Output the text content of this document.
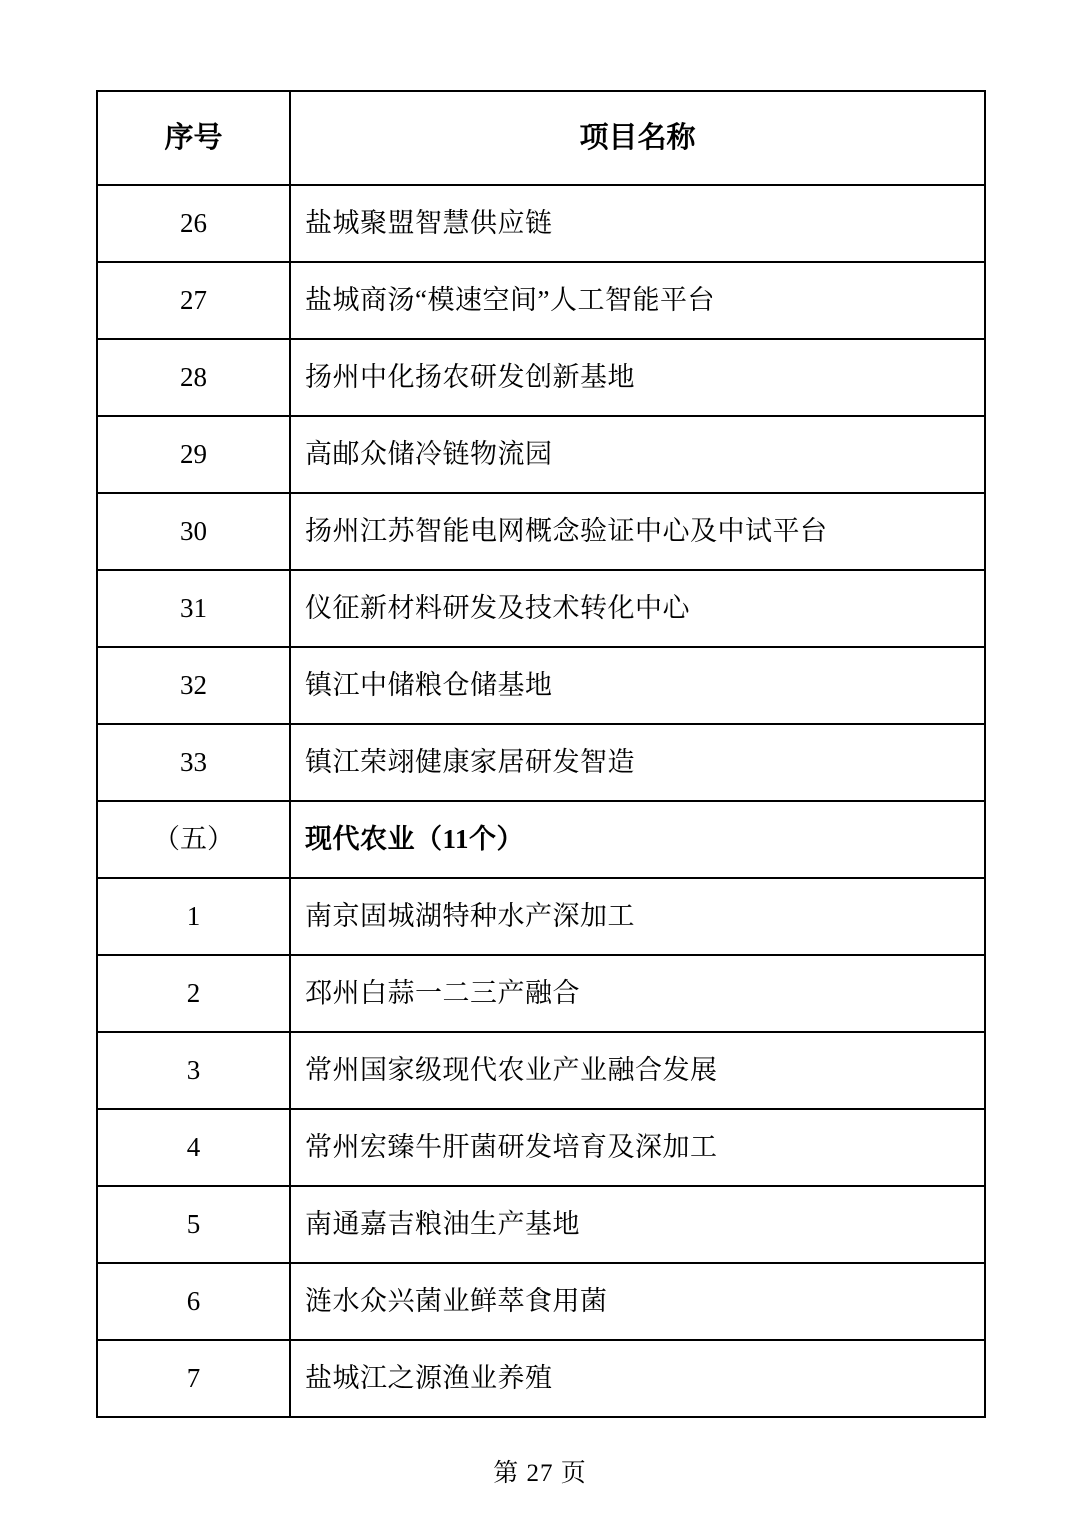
序号	项目名称

26	盐城聚盟智慧供应链

27	盐城商汤“模速空间”人工智能平台

28	扬州中化扬农研发创新基地

29	高邮众储冷链物流园

30	扬州江苏智能电网概念验证中心及中试平台

31	仪征新材料研发及技术转化中心

32	镇江中储粮仓储基地

33	镇江荣翊健康家居研发智造

（五）	现代农业（11个）

1	南京固城湖特种水产深加工

2	邳州白蒜一二三产融合

3	常州国家级现代农业产业融合发展

4	常州宏臻牛肝菌研发培育及深加工

5	南通嘉吉粮油生产基地

6	涟水众兴菌业鲜萃食用菌

7	盐城江之源渔业养殖
第 27 页
